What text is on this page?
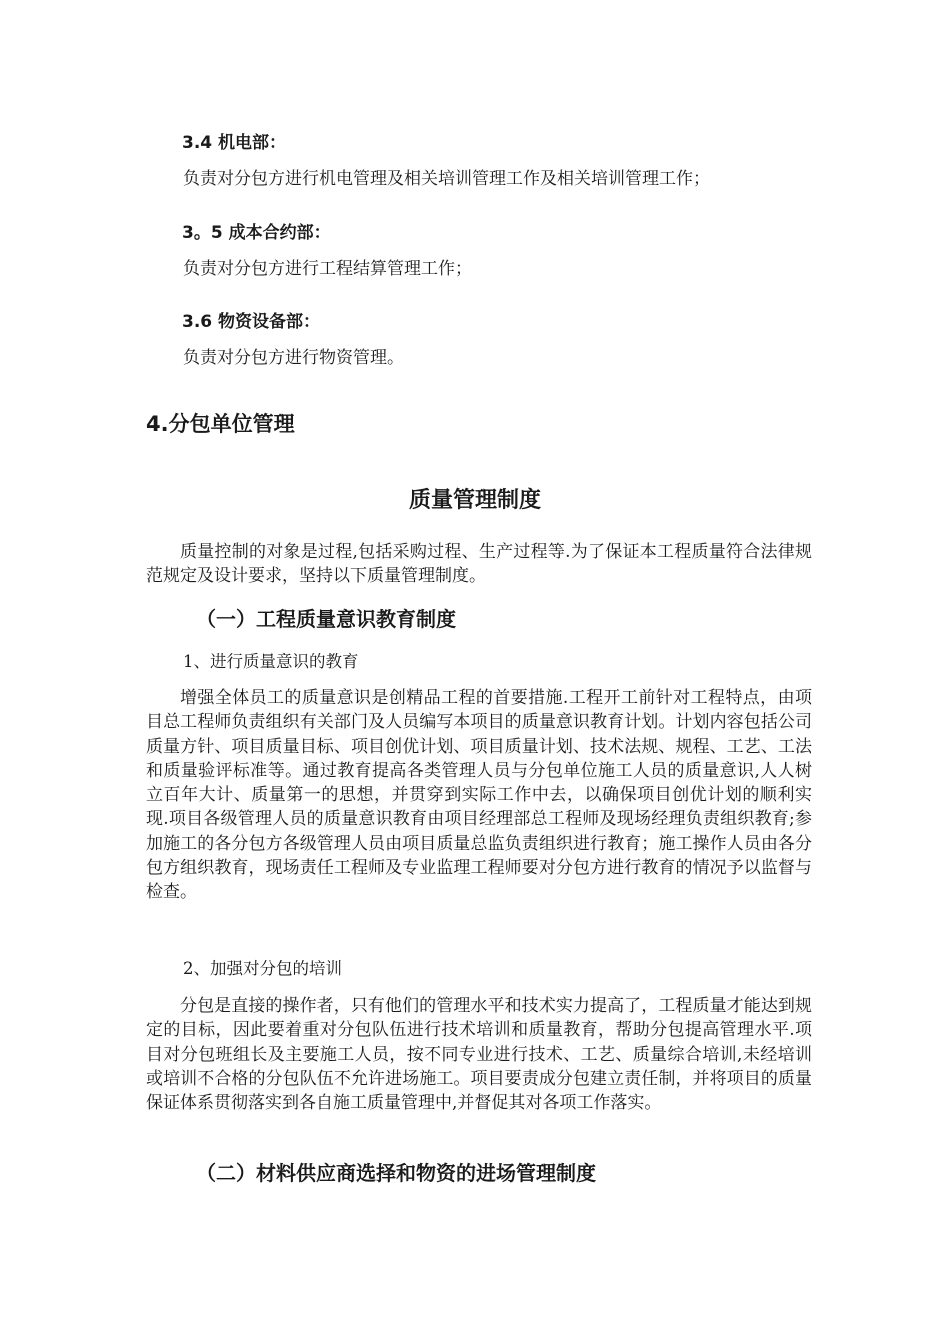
3.4 机电部：
负责对分包方进行机电管理及相关培训管理工作及相关培训管理工作；
3。5 成本合约部：
负责对分包方进行工程结算管理工作；
3.6 物资设备部：
负责对分包方进行物资管理。
4.分包单位管理
质量管理制度

质量控制的对象是过程,包括采购过程、生产过程等.为了保证本工程质量符合法律规范规定及设计要求，坚持以下质量管理制度。

（一）工程质量意识教育制度
1、进行质量意识的教育

增强全体员工的质量意识是创精品工程的首要措施.工程开工前针对工程特点，由项目总工程师负责组织有关部门及人员编写本项目的质量意识教育计划。计划内容包括公司质量方针、项目质量目标、项目创优计划、项目质量计划、技术法规、规程、工艺、工法和质量验评标准等。通过教育提高各类管理人员与分包单位施工人员的质量意识,人人树立百年大计、质量第一的思想，并贯穿到实际工作中去，以确保项目创优计划的顺利实现.项目各级管理人员的质量意识教育由项目经理部总工程师及现场经理负责组织教育;参加施工的各分包方各级管理人员由项目质量总监负责组织进行教育；施工操作人员由各分包方组织教育，现场责任工程师及专业监理工程师要对分包方进行教育的情况予以监督与检查。

2、加强对分包的培训

分包是直接的操作者，只有他们的管理水平和技术实力提高了，工程质量才能达到规定的目标，因此要着重对分包队伍进行技术培训和质量教育，帮助分包提高管理水平.项目对分包班组长及主要施工人员，按不同专业进行技术、工艺、质量综合培训,未经培训或培训不合格的分包队伍不允许进场施工。项目要责成分包建立责任制，并将项目的质量保证体系贯彻落实到各自施工质量管理中,并督促其对各项工作落实。

（二）材料供应商选择和物资的进场管理制度
